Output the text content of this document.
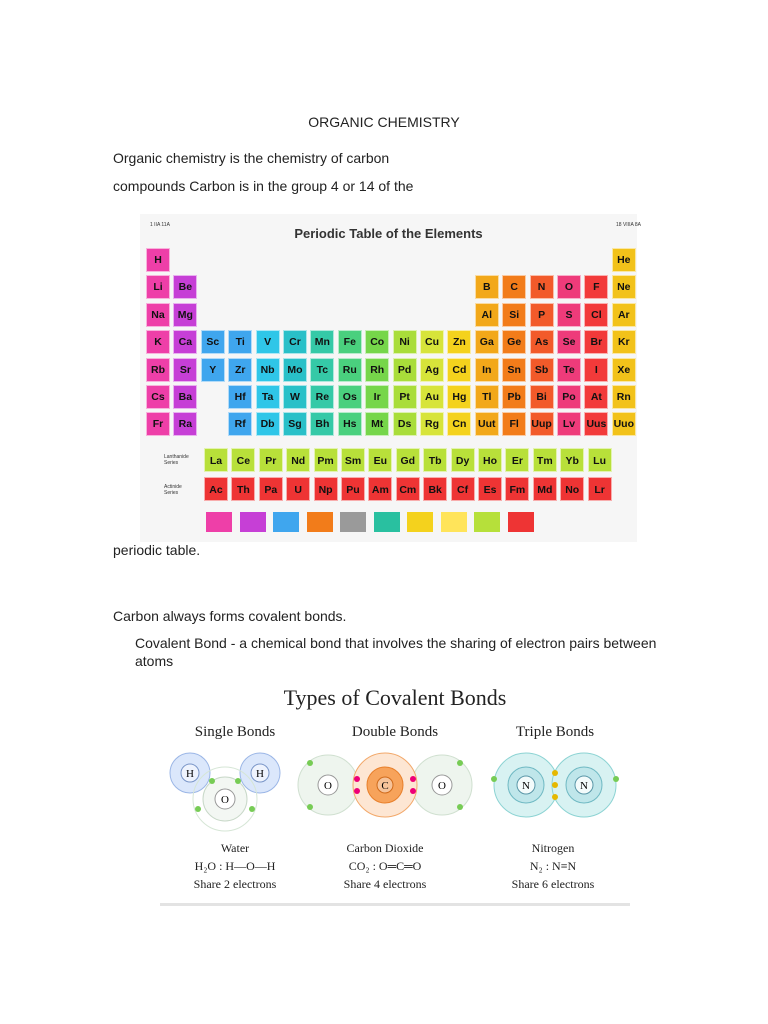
ORGANIC CHEMISTRY
Organic chemistry is the chemistry of carbon
compounds Carbon is in the group 4 or 14 of the
Periodic Table of the Elements
1 IIA 11A	18 VIIIA 8A
Lanthanide Series
Actinide Series
H	He
Li	Be	B	C	N	O	F	Ne
Na	Mg	Al	Si	P	S	Cl	Ar
K	Ca	Sc	Ti	V	Cr	Mn	Fe	Co	Ni	Cu	Zn	Ga	Ge	As	Se	Br	Kr
Rb	Sr	Y	Zr	Nb	Mo	Tc	Ru	Rh	Pd	Ag	Cd	In	Sn	Sb	Te	I	Xe
Cs	Ba	Hf	Ta	W	Re	Os	Ir	Pt	Au	Hg	Tl	Pb	Bi	Po	At	Rn
Fr	Ra	Rf	Db	Sg	Bh	Hs	Mt	Ds	Rg	Cn	Uut	Fl	Uup	Lv	Uus Uuo
La	Ce	Pr	Nd	Pm	Sm	Eu	Gd	Tb	Dy	Ho	Er	Tm	Yb	Lu
Ac	Th	Pa	U	Np	Pu	Am Cm	Bk	Cf	Es	Fm	Md	No	Lr
periodic table.
Carbon always forms covalent bonds.
Covalent Bond - a chemical bond that involves the sharing of electron pairs between atoms
Types of Covalent Bonds
Single Bonds	Double Bonds	Triple Bonds
H	H
O
O	C	O	N	N
Water
H₂O : H—O—H
Share 2 electrons
Carbon Dioxide
CO₂ : O═C═O
Share 4 electrons
Nitrogen
N₂ : N≡N
Share 6 electrons
